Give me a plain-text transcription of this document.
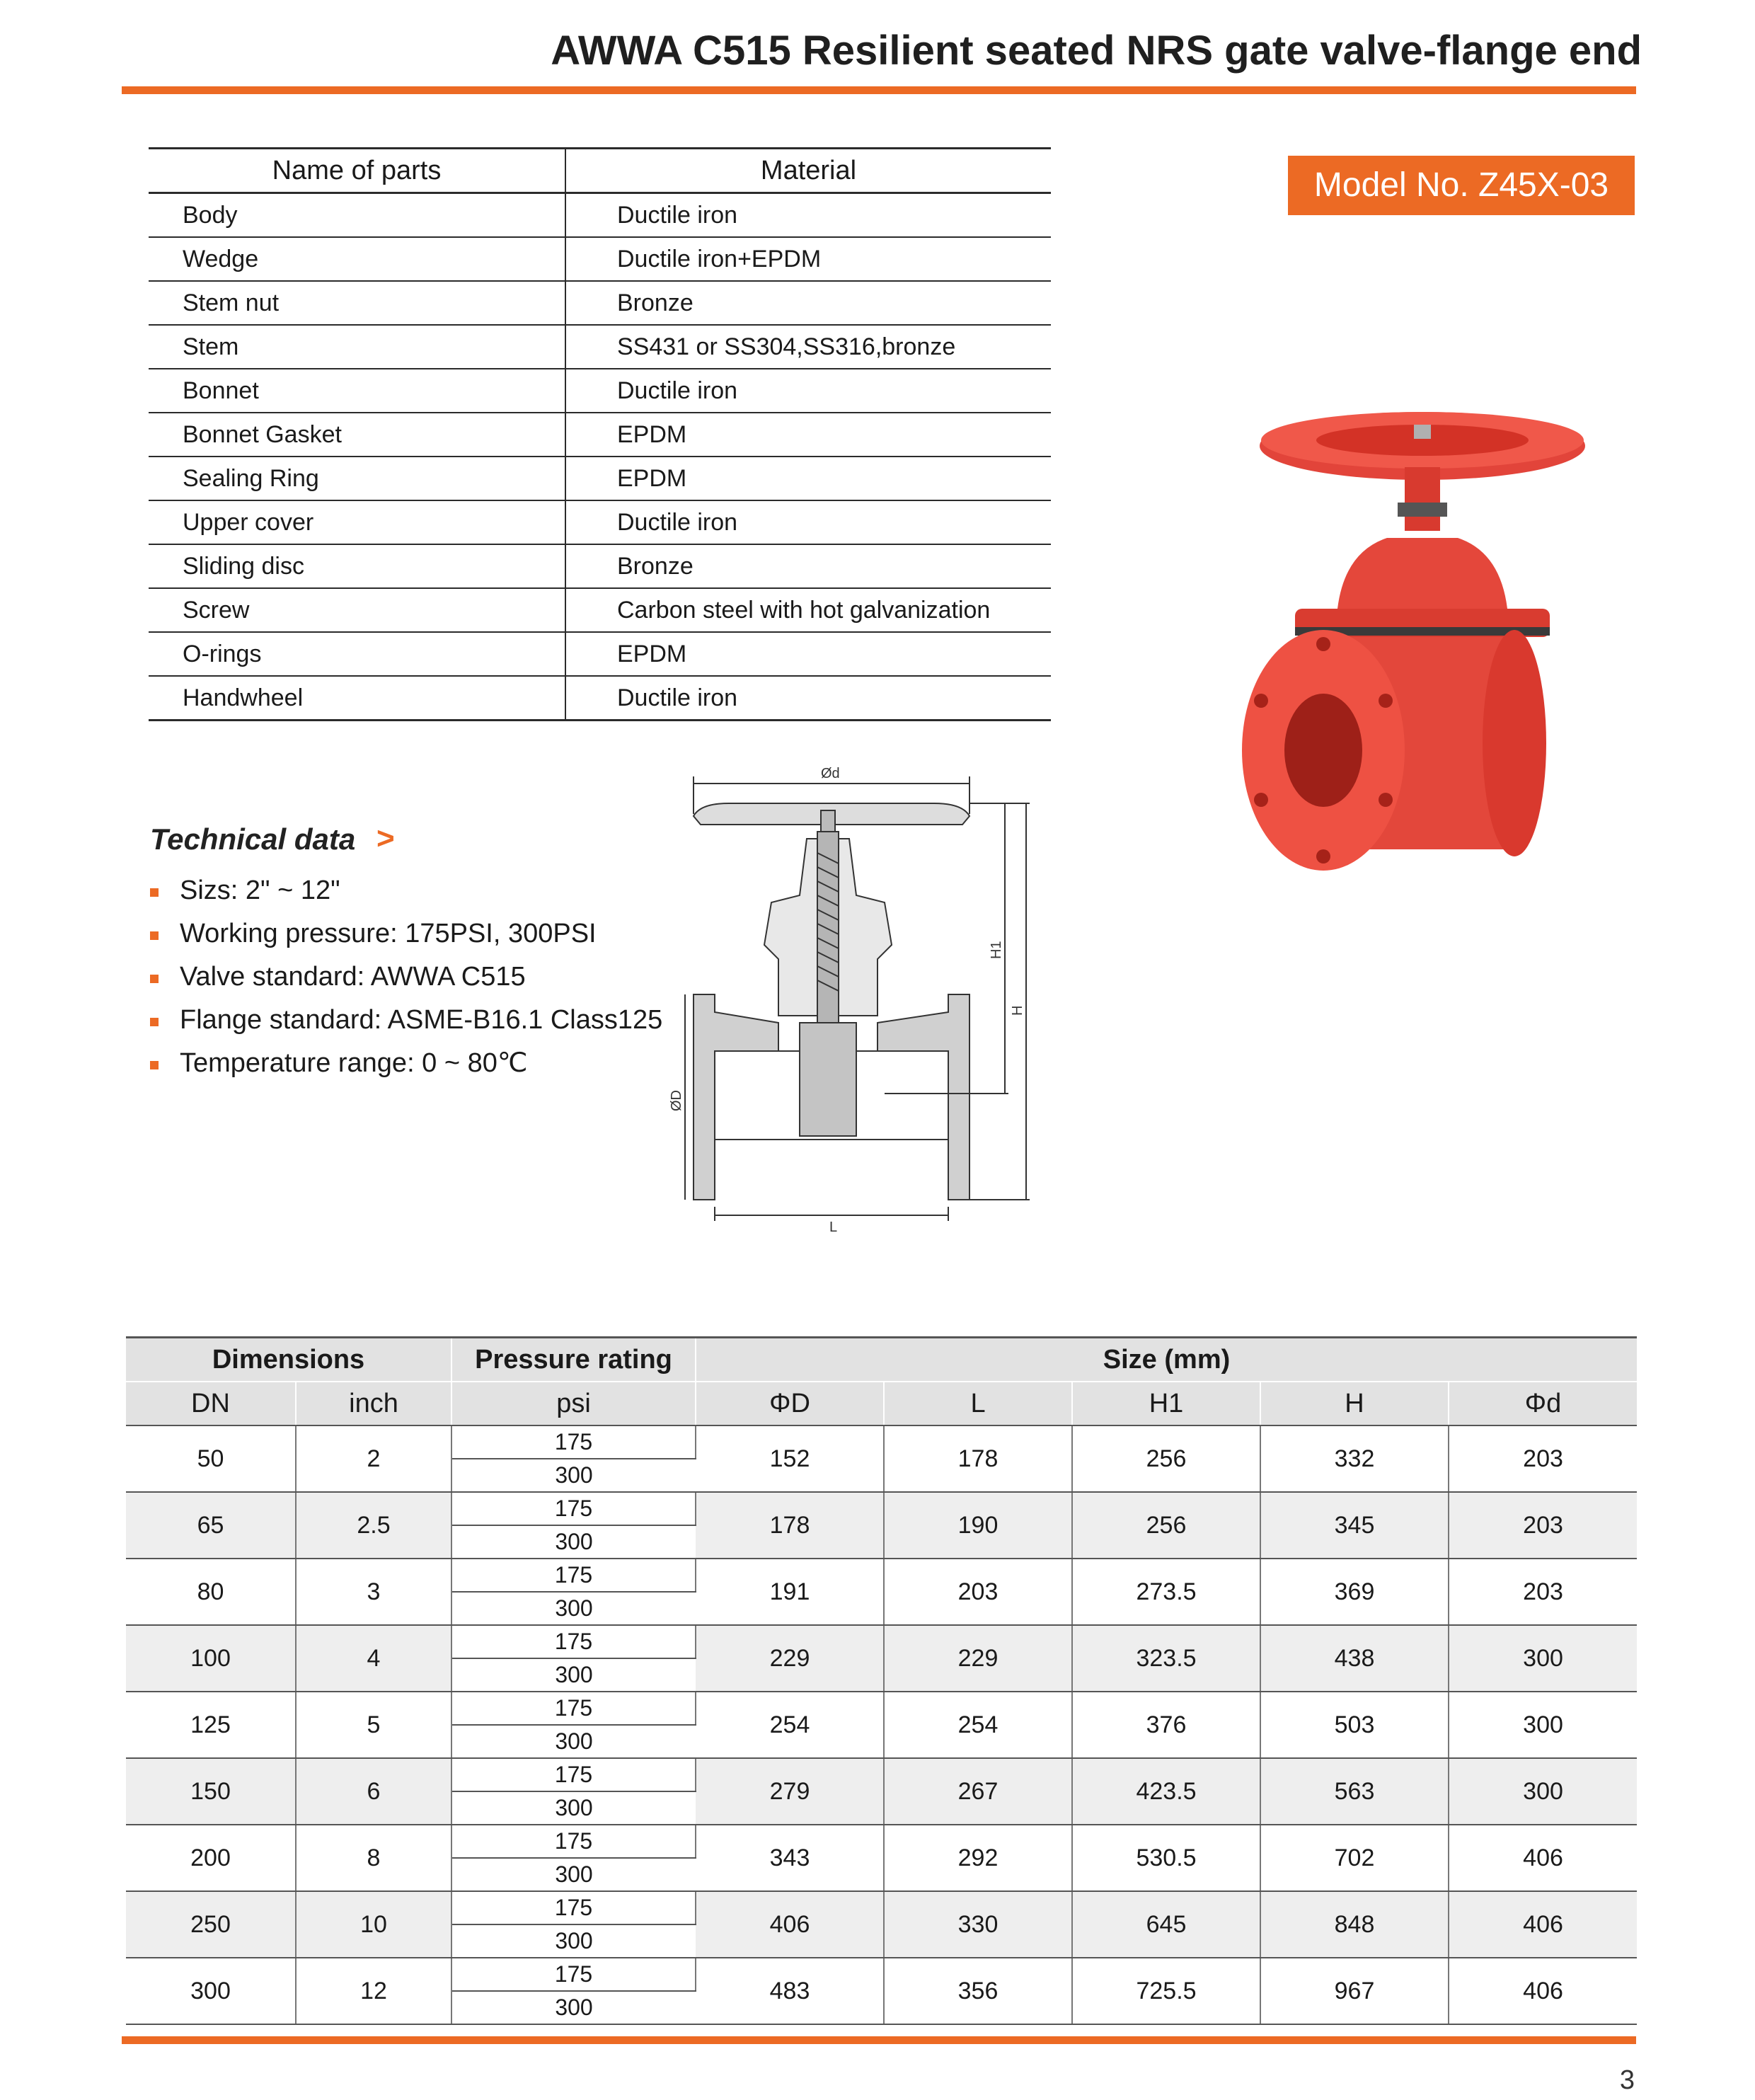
AWWA C515 Resilient seated NRS gate valve-flange end
Name of parts	Material
Body	Ductile iron
Wedge	Ductile iron+EPDM
Stem nut	Bronze
Stem	SS431 or SS304,SS316,bronze
Bonnet	Ductile iron
Bonnet Gasket	EPDM
Sealing Ring	EPDM
Upper cover	Ductile iron
Sliding disc	Bronze
Screw	Carbon steel with hot galvanization
O-rings	EPDM
Handwheel	Ductile iron
Model No. Z45X-03
Technical data >
Sizs: 2" ~ 12"
Working pressure: 175PSI, 300PSI
Valve standard: AWWA C515
Flange standard: ASME-B16.1 Class125
Temperature range: 0 ~ 80℃
Ød
L
ØD
H1
H
Dimensions		Pressure rating	Size (mm)				
DN	inch	psi	ΦD	L	H1	H	Φd
50	2	175	152	178	256	332	203
		300					
65	2.5	175	178	190	256	345	203
		300					
80	3	175	191	203	273.5	369	203
		300					
100	4	175	229	229	323.5	438	300
		300					
125	5	175	254	254	376	503	300
		300					
150	6	175	279	267	423.5	563	300
		300					
200	8	175	343	292	530.5	702	406
		300					
250	10	175	406	330	645	848	406
		300					
300	12	175	483	356	725.5	967	406
		300					
3
